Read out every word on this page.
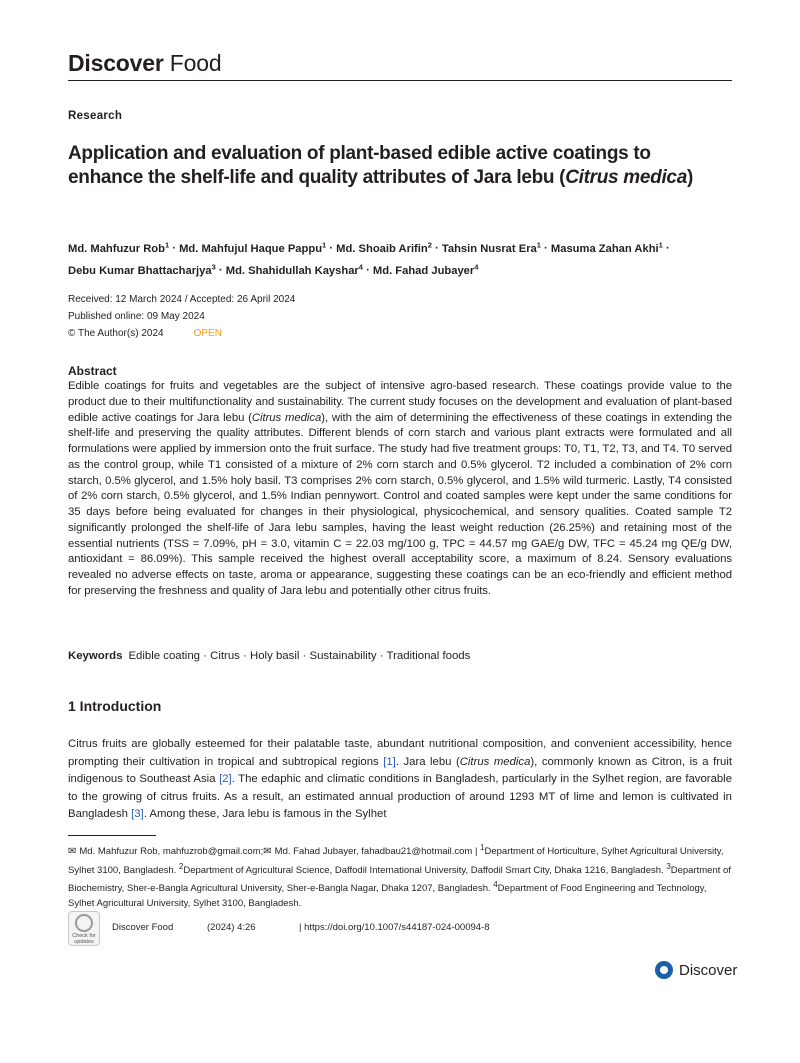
Discover Food
Research
Application and evaluation of plant-based edible active coatings to enhance the shelf-life and quality attributes of Jara lebu (Citrus medica)
Md. Mahfuzur Rob$^1$ · Md. Mahfujul Haque Pappu$^1$ · Md. Shoaib Arifin$^2$ · Tahsin Nusrat Era$^1$ · Masuma Zahan Akhi$^1$ ·
Debu Kumar Bhattacharjya$^3$ · Md. Shahidullah Kayshar$^4$ · Md. Fahad Jubayer$^4$
Received: 12 March 2024 / Accepted: 26 April 2024
Published online: 09 May 2024
© The Author(s) 2024	OPEN
Abstract
Edible coatings for fruits and vegetables are the subject of intensive agro-based research. These coatings provide value to the product due to their multifunctionality and sustainability. The current study focuses on the development and evaluation of plant-based edible active coatings for Jara lebu (Citrus medica), with the aim of determining the effectiveness of these coatings in extending the shelf-life and preserving the quality attributes. Different blends of corn starch and various plant extracts were formulated and all formulations were applied by immersion onto the fruit surface. The study had five treatment groups: T0, T1, T2, T3, and T4. T0 served as the control group, while T1 consisted of a mixture of 2% corn starch and 0.5% glycerol. T2 included a combination of 2% corn starch, 0.5% glycerol, and 1.5% holy basil. T3 comprises 2% corn starch, 0.5% glycerol, and 1.5% wild turmeric. Lastly, T4 consisted of 2% corn starch, 0.5% glycerol, and 1.5% Indian pennywort. Control and coated samples were kept under the same conditions for 35 days before being evaluated for changes in their physiological, physicochemical, and sensory qualities. Coated sample T2 significantly prolonged the shelf-life of Jara lebu samples, having the least weight reduction (26.25%) and retaining most of the essential nutrients (TSS = 7.09%, pH = 3.0, vitamin C = 22.03 mg/100 g, TPC = 44.57 mg GAE/g DW, TFC = 45.24 mg QE/g DW, antioxidant = 86.09%). This sample received the highest overall acceptability score, a maximum of 8.24. Sensory evaluations revealed no adverse effects on taste, aroma or appearance, suggesting these coatings can be an eco-friendly and efficient method for preserving the freshness and quality of Jara lebu and potentially other citrus fruits.
Keywords Edible coating · Citrus · Holy basil · Sustainability · Traditional foods
1 Introduction
Citrus fruits are globally esteemed for their palatable taste, abundant nutritional composition, and convenient accessibility, hence prompting their cultivation in tropical and subtropical regions [1]. Jara lebu (Citrus medica), commonly known as Citron, is a fruit indigenous to Southeast Asia [2]. The edaphic and climatic conditions in Bangladesh, particularly in the Sylhet region, are favorable to the growing of citrus fruits. As a result, an estimated annual production of around 1293 MT of lime and lemon is cultivated in Bangladesh [3]. Among these, Jara lebu is famous in the Sylhet
✉ Md. Mahfuzur Rob, mahfuzrob@gmail.com;✉ Md. Fahad Jubayer, fahadbau21@hotmail.com | $^1$Department of Horticulture, Sylhet Agricultural University, Sylhet 3100, Bangladesh. $^2$Department of Agricultural Science, Daffodil International University, Daffodil Smart City, Dhaka 1216, Bangladesh. $^3$Department of Biochemistry, Sher-e-Bangla Agricultural University, Sher-e-Bangla Nagar, Dhaka 1207, Bangladesh. $^4$Department of Food Engineering and Technology, Sylhet Agricultural University, Sylhet 3100, Bangladesh.
Check for
updates
Discover Food	(2024) 4:26	| https://doi.org/10.1007/s44187-024-00094-8
Discover
